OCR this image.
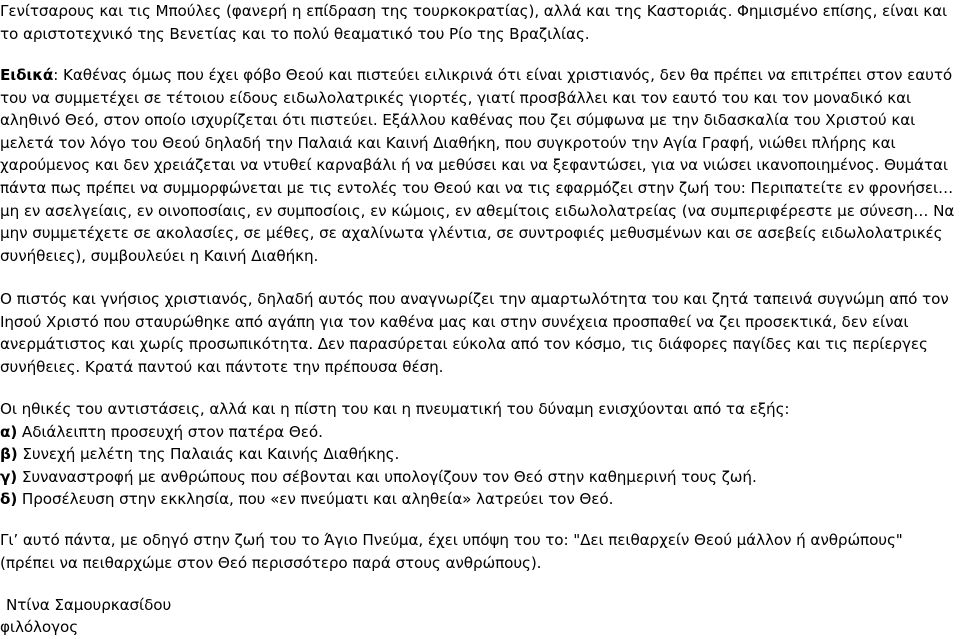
Γενίτσαρους και τις Μπούλες (φανερή η επίδραση της τουρκοκρατίας), αλλά και της Καστοριάς. Φημισμένο επίσης, είναι και το αριστοτεχνικό της Βενετίας και το πολύ θεαματικό του Ρίο της Βραζιλίας.

Ειδικά: Καθένας όμως που έχει φόβο Θεού και πιστεύει ειλικρινά ότι είναι χριστιανός, δεν θα πρέπει να επιτρέπει στον εαυτό του να συμμετέχει σε τέτοιου είδους ειδωλολατρικές γιορτές, γιατί προσβάλλει και τον εαυτό του και τον μοναδικό και αληθινό Θεό, στον οποίο ισχυρίζεται ότι πιστεύει. Εξάλλου καθένας που ζει σύμφωνα με την διδασκαλία του Χριστού και μελετά τον λόγο του Θεού δηλαδή την Παλαιά και Καινή Διαθήκη, που συγκροτούν την Αγία Γραφή, νιώθει πλήρης και χαρούμενος και δεν χρειάζεται να ντυθεί καρναβάλι ή να μεθύσει και να ξεφαντώσει, για να νιώσει ικανοποιημένος. Θυμάται πάντα πως πρέπει να συμμορφώνεται με τις εντολές του Θεού και να τις εφαρμόζει στην ζωή του: Περιπατείτε εν φρονήσει… μη εν ασελγείαις, εν οινοποσίαις, εν συμποσίοις, εν κώμοις, εν αθεμίτοις ειδωλολατρείας (να συμπεριφέρεστε με σύνεση… Να μην συμμετέχετε σε ακολασίες, σε μέθες, σε αχαλίνωτα γλέντια, σε συντροφιές μεθυσμένων και σε ασεβείς ειδωλολατρικές συνήθειες), συμβουλεύει η Καινή Διαθήκη.

Ο πιστός και γνήσιος χριστιανός, δηλαδή αυτός που αναγνωρίζει την αμαρτωλότητα του και ζητά ταπεινά συγνώμη από τον Ιησού Χριστό που σταυρώθηκε από αγάπη για τον καθένα μας και στην συνέχεια προσπαθεί να ζει προσεκτικά, δεν είναι ανερμάτιστος και χωρίς προσωπικότητα. Δεν παρασύρεται εύκολα από τον κόσμο, τις διάφορες παγίδες και τις περίεργες συνήθειες. Κρατά παντού και πάντοτε την πρέπουσα θέση.

Οι ηθικές του αντιστάσεις, αλλά και η πίστη του και η πνευματική του δύναμη ενισχύονται από τα εξής:
α) Αδιάλειπτη προσευχή στον πατέρα Θεό.
β) Συνεχή μελέτη της Παλαιάς και Καινής Διαθήκης.
γ) Συναναστροφή με ανθρώπους που σέβονται και υπολογίζουν τον Θεό στην καθημερινή τους ζωή.
δ) Προσέλευση στην εκκλησία, που «εν πνεύματι και αληθεία» λατρεύει τον Θεό.

Γι’ αυτό πάντα, με οδηγό στην ζωή του το Άγιο Πνεύμα, έχει υπόψη του το: "Δει πειθαρχείν Θεού μάλλον ή ανθρώπους" (πρέπει να πειθαρχώμε στον Θεό περισσότερο παρά στους ανθρώπους).

Ντίνα Σαμουρκασίδου
φιλόλογος
